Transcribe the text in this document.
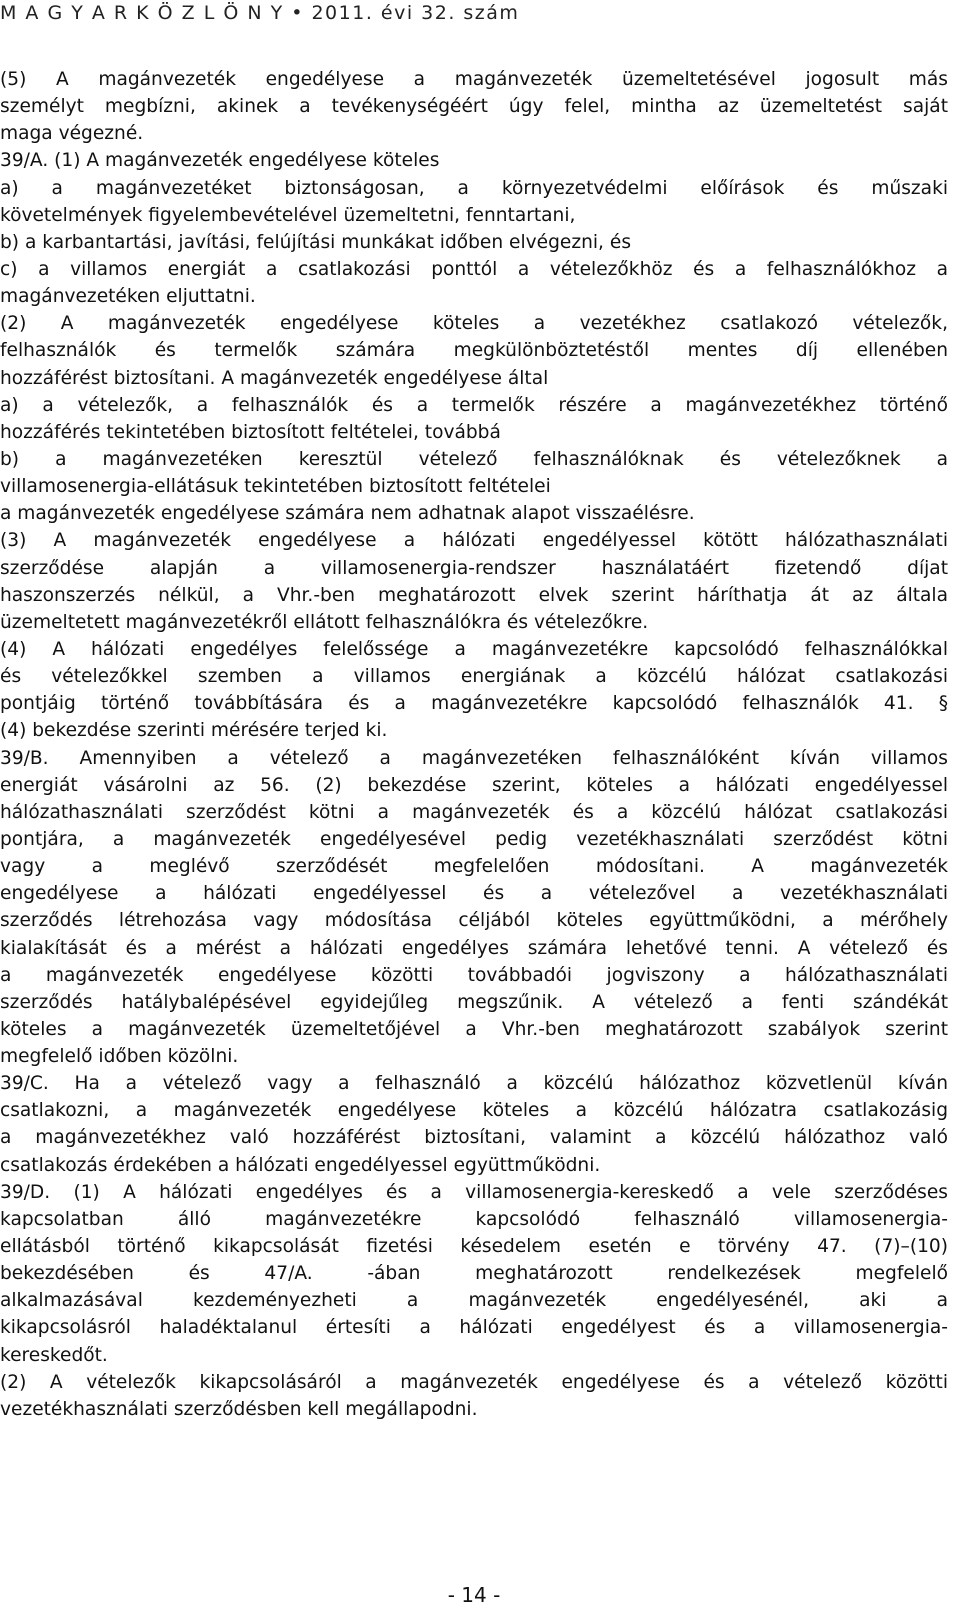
M A G Y A R K Ö Z L Ö N Y • 2011. évi 32. szám
(5) A magánvezeték engedélyese a magánvezeték üzemeltetésével jogosult más
személyt megbízni, akinek a tevékenységéért úgy felel, mintha az üzemeltetést saját
maga végezné.
39/A. (1) A magánvezeték engedélyese köteles
a) a magánvezetéket biztonságosan, a környezetvédelmi előírások és műszaki
követelmények figyelembevételével üzemeltetni, fenntartani,
b) a karbantartási, javítási, felújítási munkákat időben elvégezni, és
c) a villamos energiát a csatlakozási ponttól a vételezőkhöz és a felhasználókhoz a
magánvezetéken eljuttatni.
(2) A magánvezeték engedélyese köteles a vezetékhez csatlakozó vételezők,
felhasználók és termelők számára megkülönböztetéstől mentes díj ellenében
hozzáférést biztosítani. A magánvezeték engedélyese által
a) a vételezők, a felhasználók és a termelők részére a magánvezetékhez történő
hozzáférés tekintetében biztosított feltételei, továbbá
b) a magánvezetéken keresztül vételező felhasználóknak és vételezőknek a
villamosenergia-ellátásuk tekintetében biztosított feltételei
a magánvezeték engedélyese számára nem adhatnak alapot visszaélésre.
(3) A magánvezeték engedélyese a hálózati engedélyessel kötött hálózathasználati
szerződése alapján a villamosenergia-rendszer használatáért fizetendő díjat
haszonszerzés nélkül, a Vhr.-ben meghatározott elvek szerint háríthatja át az általa
üzemeltetett magánvezetékről ellátott felhasználókra és vételezőkre.
(4) A hálózati engedélyes felelőssége a magánvezetékre kapcsolódó felhasználókkal
és vételezőkkel szemben a villamos energiának a közcélú hálózat csatlakozási
pontjáig történő továbbítására és a magánvezetékre kapcsolódó felhasználók 41. §
(4) bekezdése szerinti mérésére terjed ki.
39/B. Amennyiben a vételező a magánvezetéken felhasználóként kíván villamos
energiát vásárolni az 56. (2) bekezdése szerint, köteles a hálózati engedélyessel
hálózathasználati szerződést kötni a magánvezeték és a közcélú hálózat csatlakozási
pontjára, a magánvezeték engedélyesével pedig vezetékhasználati szerződést kötni
vagy a meglévő szerződését megfelelően módosítani. A magánvezeték
engedélyese a hálózati engedélyessel és a vételezővel a vezetékhasználati
szerződés létrehozása vagy módosítása céljából köteles együttműködni, a mérőhely
kialakítását és a mérést a hálózati engedélyes számára lehetővé tenni. A vételező és
a magánvezeték engedélyese közötti továbbadói jogviszony a hálózathasználati
szerződés hatálybalépésével egyidejűleg megszűnik. A vételező a fenti szándékát
köteles a magánvezeték üzemeltetőjével a Vhr.-ben meghatározott szabályok szerint
megfelelő időben közölni.
39/C. Ha a vételező vagy a felhasználó a közcélú hálózathoz közvetlenül kíván
csatlakozni, a magánvezeték engedélyese köteles a közcélú hálózatra csatlakozásig
a magánvezetékhez való hozzáférést biztosítani, valamint a közcélú hálózathoz való
csatlakozás érdekében a hálózati engedélyessel együttműködni.
39/D. (1) A hálózati engedélyes és a villamosenergia-kereskedő a vele szerződéses
kapcsolatban álló magánvezetékre kapcsolódó felhasználó villamosenergia-
ellátásból történő kikapcsolását fizetési késedelem esetén e törvény 47. (7)–(10)
bekezdésében és 47/A. -ában meghatározott rendelkezések megfelelő
alkalmazásával kezdeményezheti a magánvezeték engedélyesénél, aki a
kikapcsolásról haladéktalanul értesíti a hálózati engedélyest és a villamosenergia-
kereskedőt.
(2) A vételezők kikapcsolásáról a magánvezeték engedélyese és a vételező közötti
vezetékhasználati szerződésben kell megállapodni.
- 14 -
